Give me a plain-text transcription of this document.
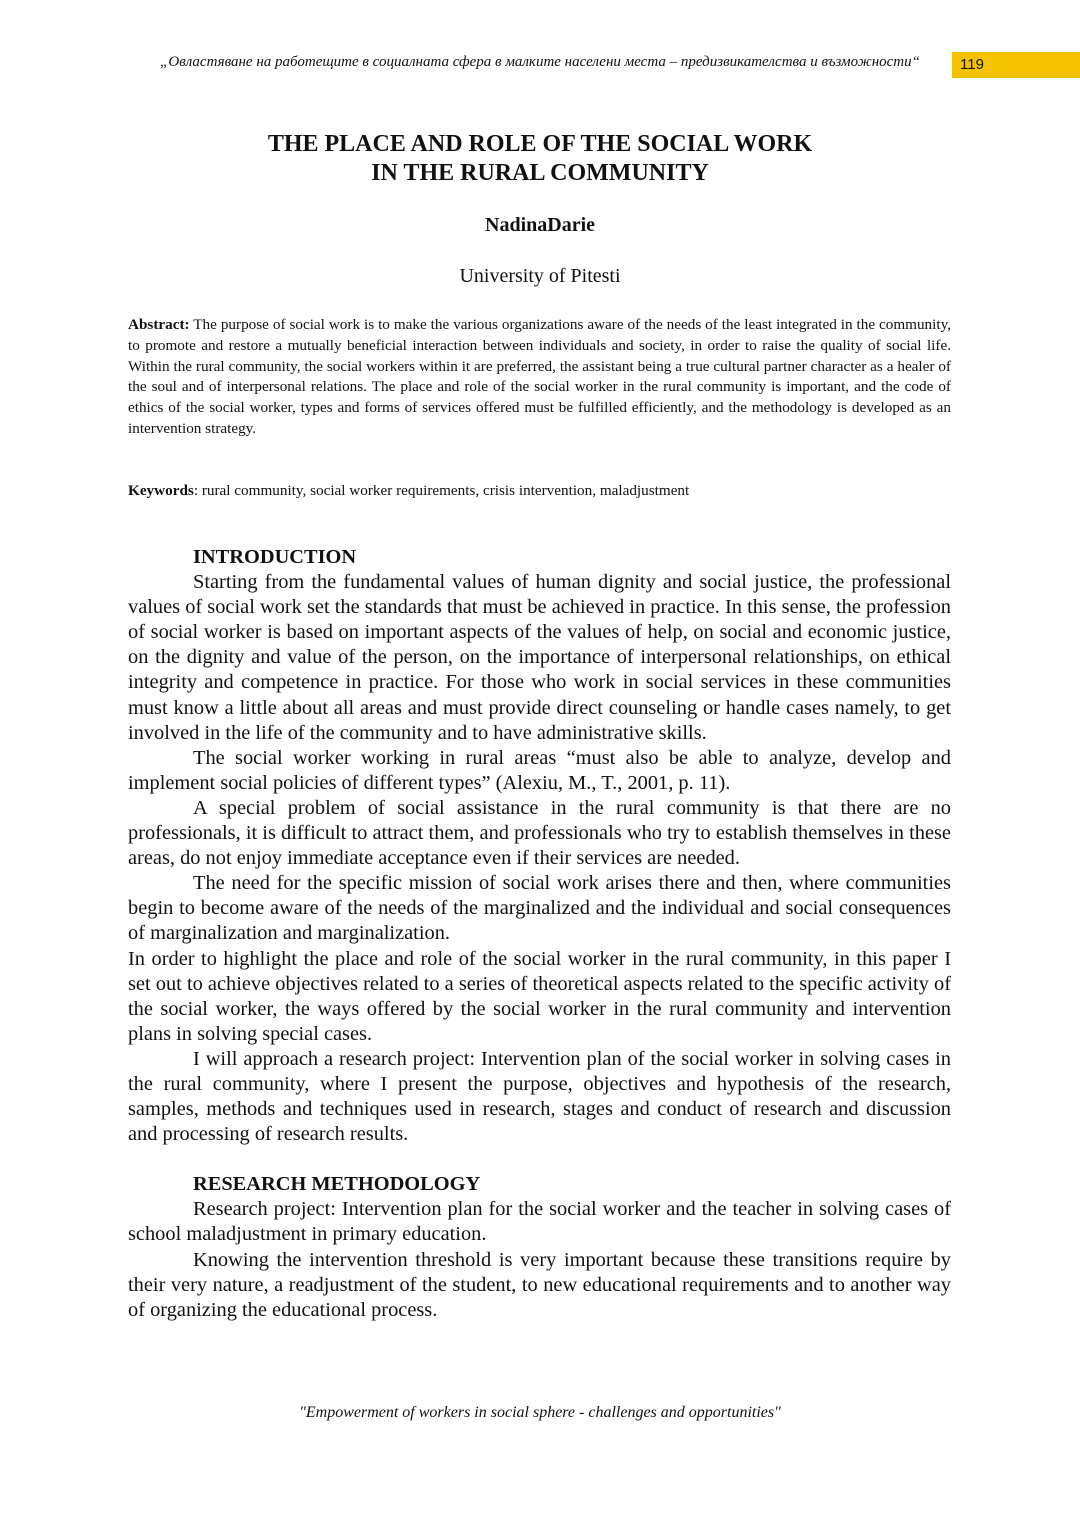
„Овластяване на работещите в социалната сфера в малките населени места – предизвикателства и възможности“	119
THE PLACE AND ROLE OF THE SOCIAL WORK
IN THE RURAL COMMUNITY
NadinaDarie
University of Pitesti

Abstract: The purpose of social work is to make the various organizations aware of the needs of the least integrated in the community, to promote and restore a mutually beneficial interaction between individuals and society, in order to raise the quality of social life. Within the rural community, the social workers within it are preferred, the assistant being a true cultural partner character as a healer of the soul and of interpersonal relations. The place and role of the social worker in the rural community is important, and the code of ethics of the social worker, types and forms of services offered must be fulfilled efficiently, and the methodology is developed as an intervention strategy.

Keywords: rural community, social worker requirements, crisis intervention, maladjustment

INTRODUCTION

Starting from the fundamental values of human dignity and social justice, the professional values of social work set the standards that must be achieved in practice. In this sense, the profession of social worker is based on important aspects of the values of help, on social and economic justice, on the dignity and value of the person, on the importance of interpersonal relationships, on ethical integrity and competence in practice. For those who work in social services in these communities must know a little about all areas and must provide direct counseling or handle cases namely, to get involved in the life of the community and to have administrative skills.

The social worker working in rural areas “must also be able to analyze, develop and implement social policies of different types” (Alexiu, M., T., 2001, p. 11).

A special problem of social assistance in the rural community is that there are no professionals, it is difficult to attract them, and professionals who try to establish themselves in these areas, do not enjoy immediate acceptance even if their services are needed.

The need for the specific mission of social work arises there and then, where communities begin to become aware of the needs of the marginalized and the individual and social consequences of marginalization and marginalization.

In order to highlight the place and role of the social worker in the rural community, in this paper I set out to achieve objectives related to a series of theoretical aspects related to the specific activity of the social worker, the ways offered by the social worker in the rural community and intervention plans in solving special cases.

I will approach a research project: Intervention plan of the social worker in solving cases in the rural community, where I present the purpose, objectives and hypothesis of the research, samples, methods and techniques used in research, stages and conduct of research and discussion and processing of research results.

RESEARCH METHODOLOGY

Research project: Intervention plan for the social worker and the teacher in solving cases of school maladjustment in primary education.

Knowing the intervention threshold is very important because these transitions require by their very nature, a readjustment of the student, to new educational requirements and to another way of organizing the educational process.

"Empowerment of workers in social sphere - challenges and opportunities"
